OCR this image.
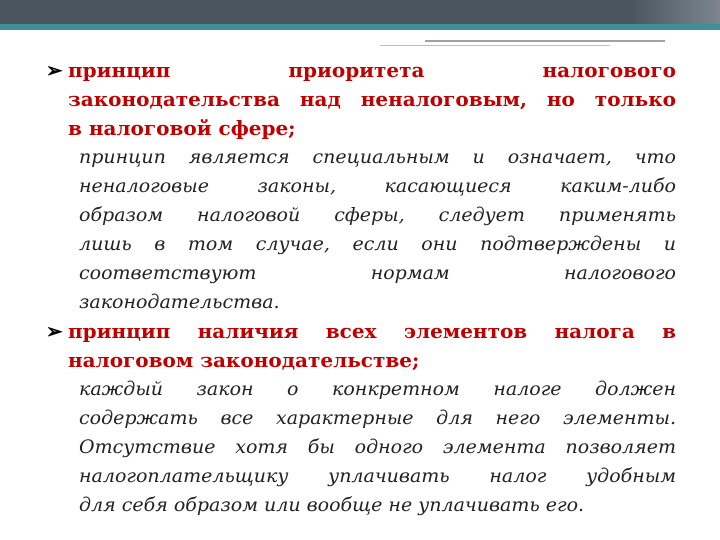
➢ принцип приоритета налогового
законодательства над неналоговым, но только
в налоговой сфере;
принцип является специальным и означает, что
неналоговые законы, касающиеся каким-либо
образом налоговой сферы, следует применять
лишь в том случае, если они подтверждены и
соответствуют нормам налогового
законодательства.
➢ принцип наличия всех элементов налога в
налоговом законодательстве;
каждый закон о конкретном налоге должен
содержать все характерные для него элементы.
Отсутствие хотя бы одного элемента позволяет
налогоплательщику уплачивать налог удобным
для себя образом или вообще не уплачивать его.
